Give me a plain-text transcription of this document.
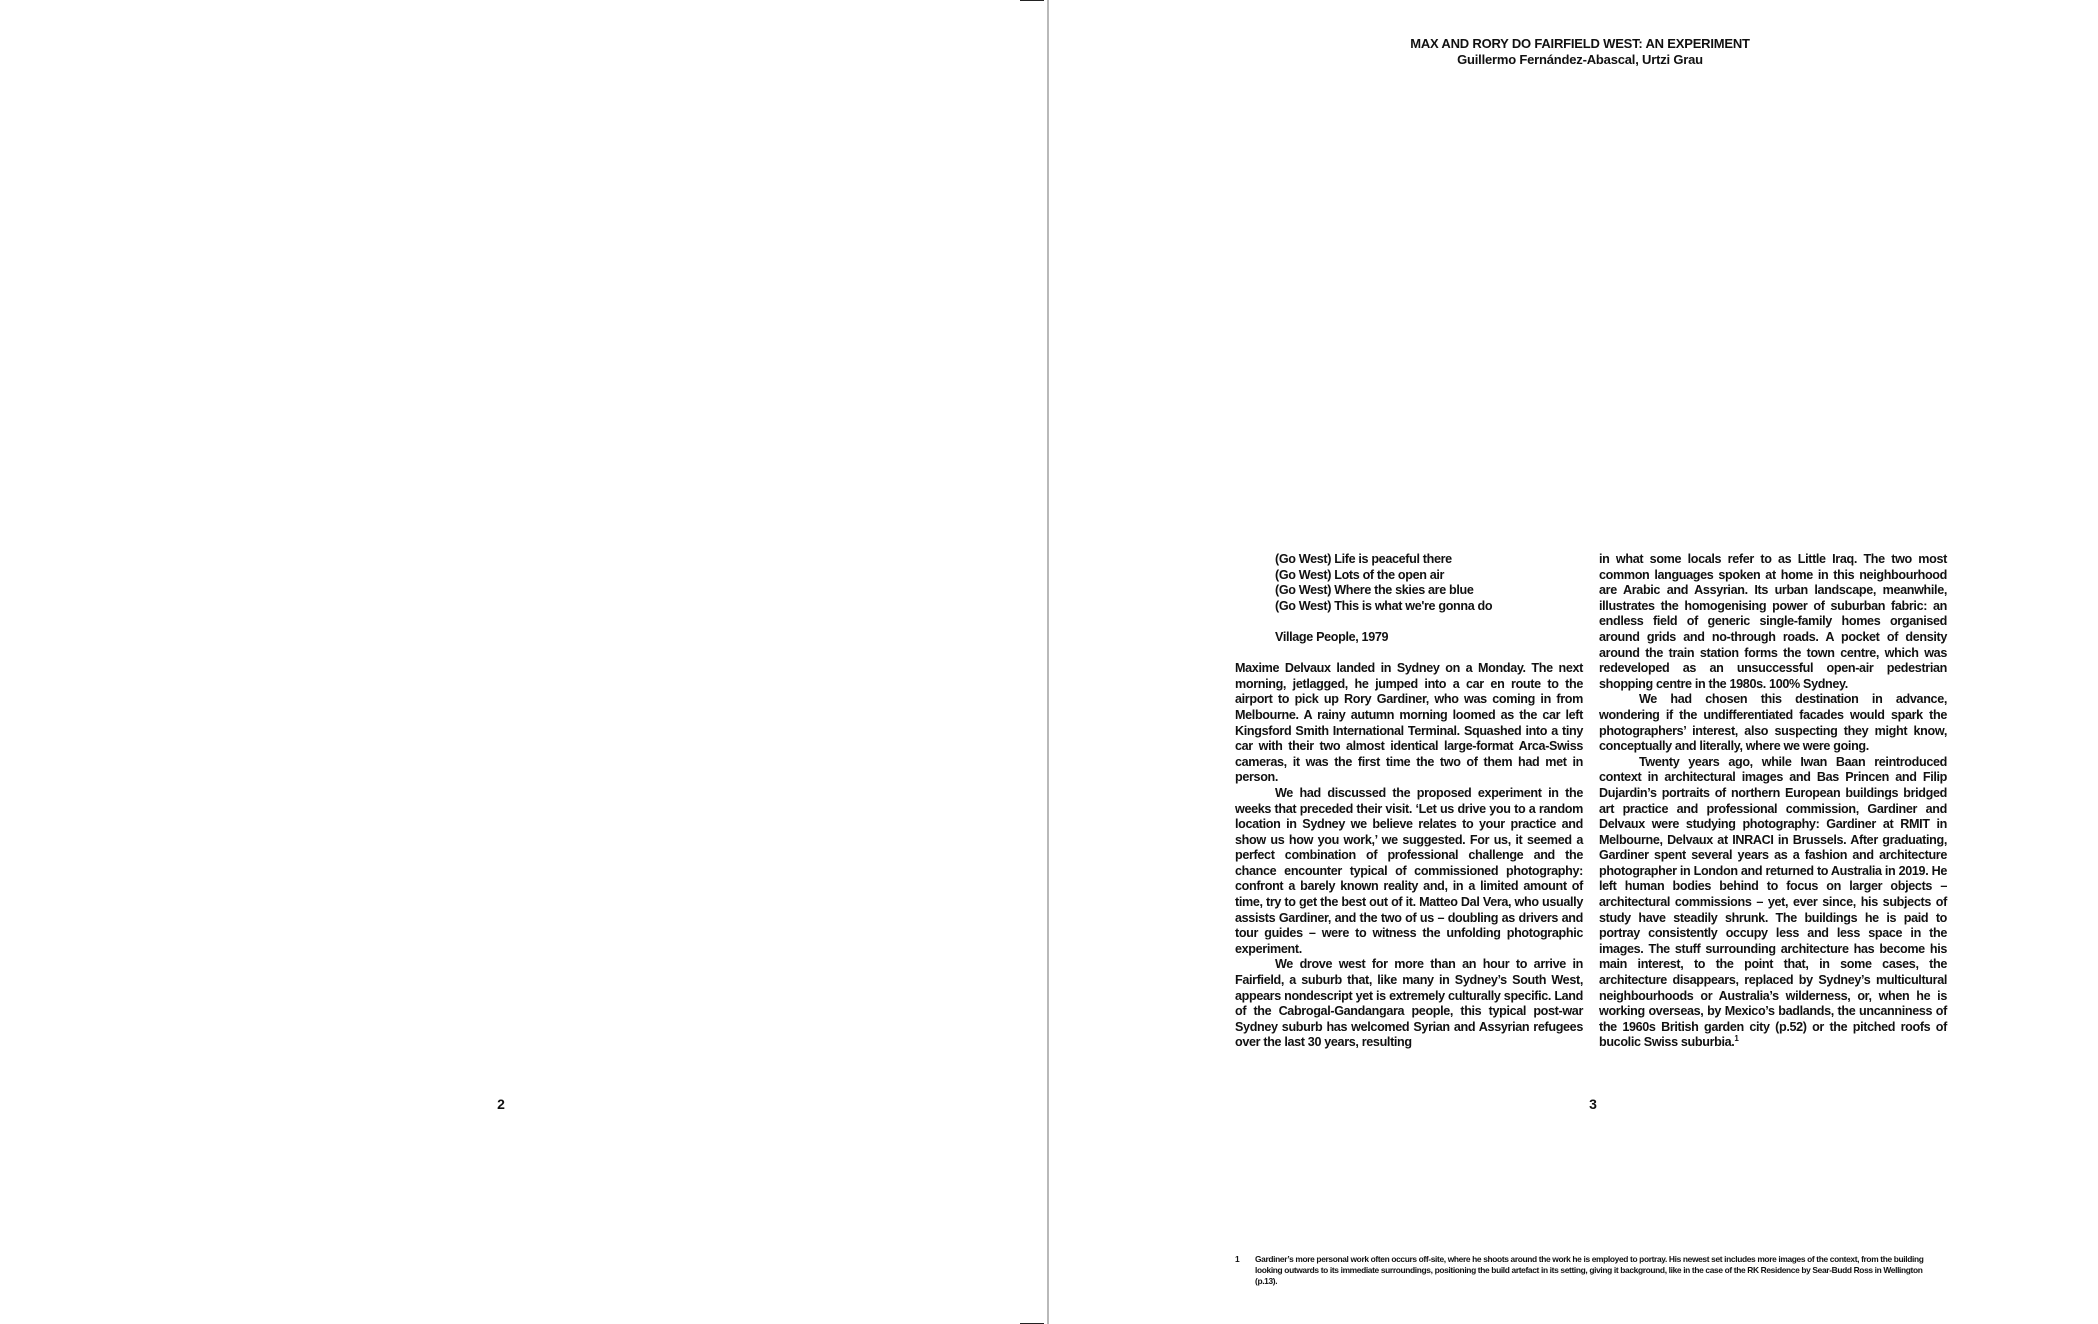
2	3
MAX AND RORY DO FAIRFIELD WEST: AN EXPERIMENT
Guillermo Fernández-Abascal, Urtzi Grau
(Go West) Life is peaceful there
(Go West) Lots of the open air
(Go West) Where the skies are blue
(Go West) This is what we're gonna do
Village People, 1979

Maxime Delvaux landed in Sydney on a Monday. The next morning, jetlagged, he jumped into a car en route to the airport to pick up Rory Gardiner, who was coming in from Melbourne. A rainy autumn morning loomed as the car left Kingsford Smith International Terminal. Squashed into a tiny car with their two almost identical large-format Arca-Swiss cameras, it was the first time the two of them had met in person.

We had discussed the proposed experiment in the weeks that preceded their visit. ‘Let us drive you to a random location in Sydney we believe relates to your practice and show us how you work,’ we suggested. For us, it seemed a perfect combination of professional challenge and the chance encounter typical of commissioned photography: confront a barely known reality and, in a limited amount of time, try to get the best out of it. Matteo Dal Vera, who usually assists Gardiner, and the two of us – doubling as drivers and tour guides – were to witness the unfolding photographic experiment.

We drove west for more than an hour to arrive in Fairfield, a suburb that, like many in Sydney’s South West, appears nondescript yet is extremely culturally specific. Land of the Cabrogal-Gandangara people, this typical post-war Sydney suburb has welcomed Syrian and Assyrian refugees over the last 30 years, resulting

in what some locals refer to as Little Iraq. The two most common languages spoken at home in this neighbourhood are Arabic and Assyrian. Its urban landscape, meanwhile, illustrates the homogenising power of suburban fabric: an endless field of generic single-family homes organised around grids and no-through roads. A pocket of density around the train station forms the town centre, which was redeveloped as an unsuccessful open-air pedestrian shopping centre in the 1980s. 100% Sydney.

We had chosen this destination in advance, wondering if the undifferentiated facades would spark the photographers’ interest, also suspecting they might know, conceptually and literally, where we were going.

Twenty years ago, while Iwan Baan reintroduced context in architectural images and Bas Princen and Filip Dujardin’s portraits of northern European buildings bridged art practice and professional commission, Gardiner and Delvaux were studying photography: Gardiner at RMIT in Melbourne, Delvaux at INRACI in Brussels. After graduating, Gardiner spent several years as a fashion and architecture photographer in London and returned to Australia in 2019. He left human bodies behind to focus on larger objects – architectural commissions – yet, ever since, his subjects of study have steadily shrunk. The buildings he is paid to portray consistently occupy less and less space in the images. The stuff surrounding architecture has become his main interest, to the point that, in some cases, the architecture disappears, replaced by Sydney’s multicultural neighbourhoods or Australia’s wilderness, or, when he is working overseas, by Mexico’s badlands, the uncanniness of the 1960s British garden city (p.52) or the pitched roofs of bucolic Swiss suburbia.$^1$

1 Gardiner’s more personal work often occurs off-site, where he shoots around the work he is employed to portray. His newest set includes more images of the context, from the building looking outwards to its immediate surroundings, positioning the build artefact in its setting, giving it background, like in the case of the RK Residence by Sear-Budd Ross in Wellington (p.13).
